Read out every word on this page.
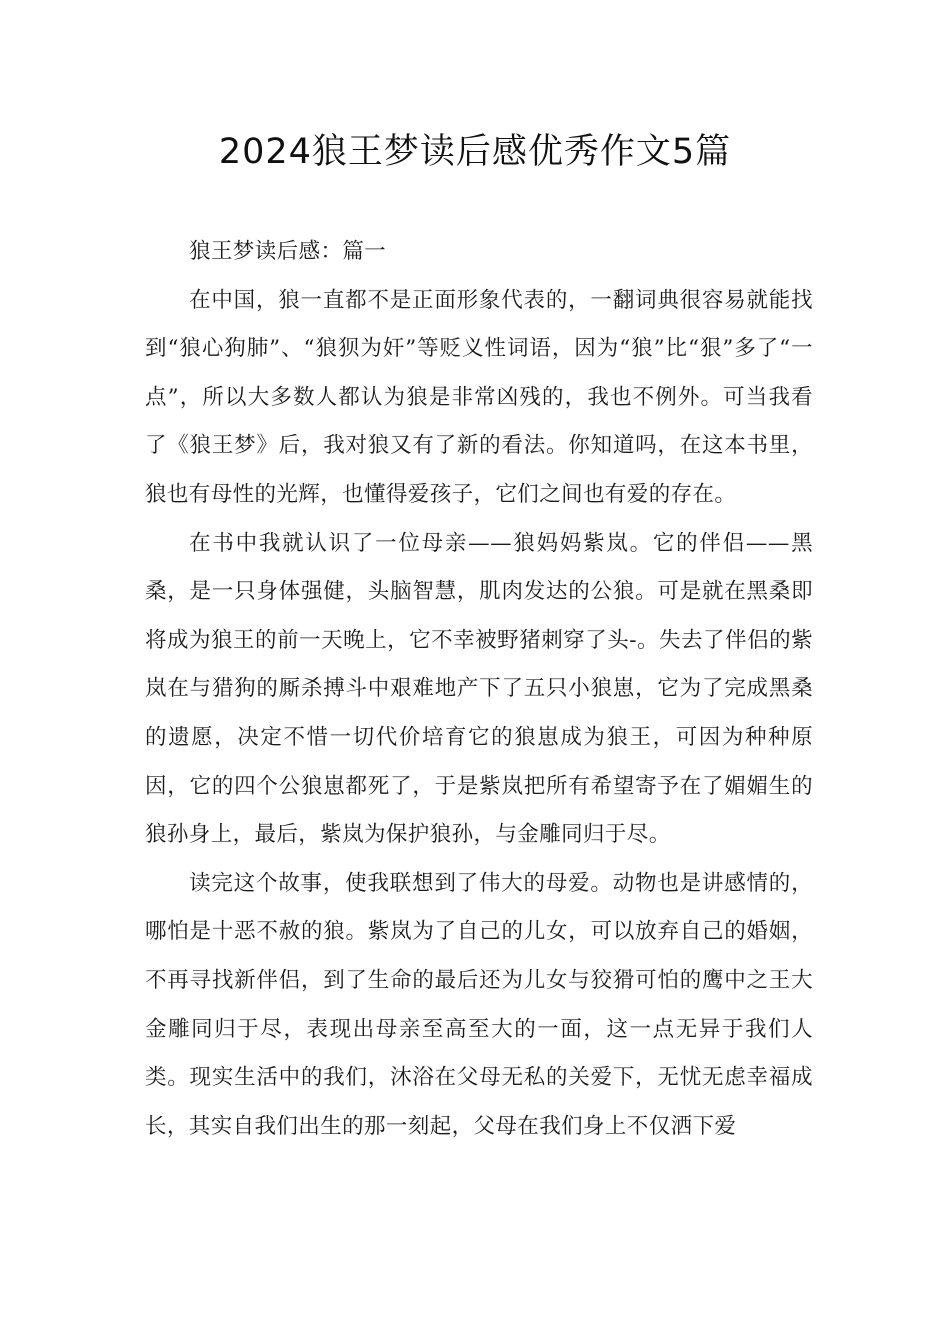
2024狼王梦读后感优秀作文5篇

狼王梦读后感：篇一

在中国，狼一直都不是正面形象代表的，一翻词典很容易就能找到“狼心狗肺”、“狼狈为奸”等贬义性词语，因为“狼”比“狠”多了“一点”，所以大多数人都认为狼是非常凶残的，我也不例外。可当我看了《狼王梦》后，我对狼又有了新的看法。你知道吗，在这本书里，狼也有母性的光辉，也懂得爱孩子，它们之间也有爱的存在。

在书中我就认识了一位母亲——狼妈妈紫岚。它的伴侣——黑桑，是一只身体强健，头脑智慧，肌肉发达的公狼。可是就在黑桑即将成为狼王的前一天晚上，它不幸被野猪刺穿了头-。失去了伴侣的紫岚在与猎狗的厮杀搏斗中艰难地产下了五只小狼崽，它为了完成黑桑的遗愿，决定不惜一切代价培育它的狼崽成为狼王，可因为种种原因，它的四个公狼崽都死了，于是紫岚把所有希望寄予在了媚媚生的狼孙身上，最后，紫岚为保护狼孙，与金雕同归于尽。

读完这个故事，使我联想到了伟大的母爱。动物也是讲感情的，哪怕是十恶不赦的狼。紫岚为了自己的儿女，可以放弃自己的婚姻，不再寻找新伴侣，到了生命的最后还为儿女与狡猾可怕的鹰中之王大金雕同归于尽，表现出母亲至高至大的一面，这一点无异于我们人类。现实生活中的我们，沐浴在父母无私的关爱下，无忧无虑幸福成长，其实自我们出生的那一刻起，父母在我们身上不仅洒下爱
